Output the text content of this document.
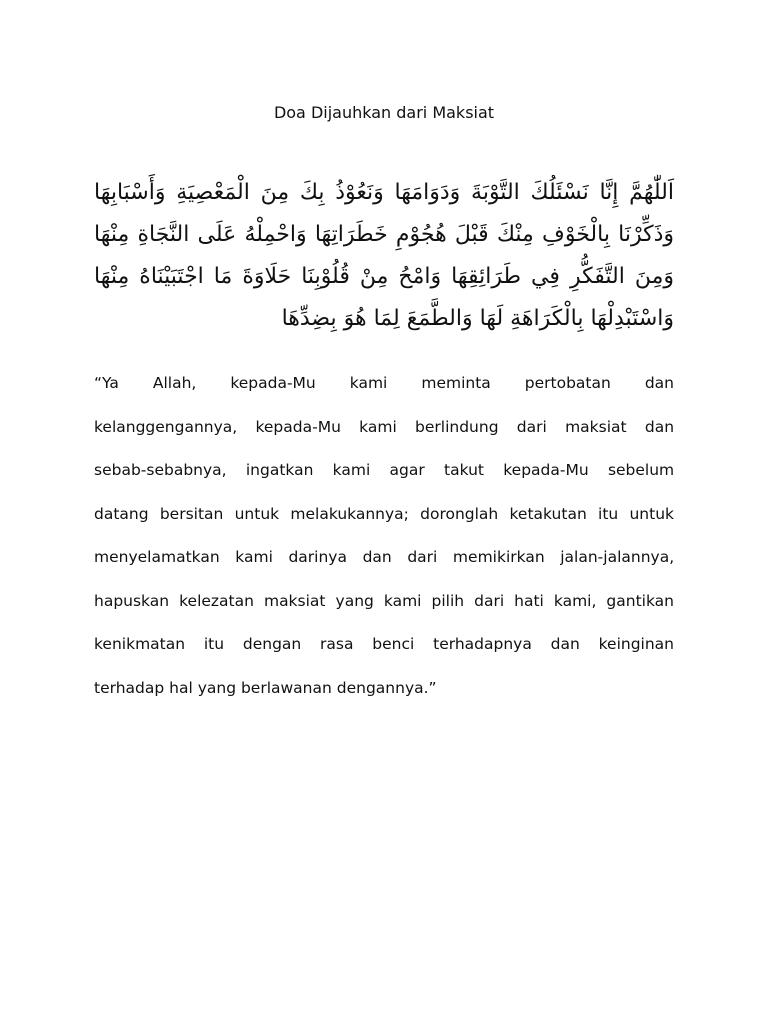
Doa Dijauhkan dari Maksiat
اَللّٰهُمَّ إِنَّا نَسْئَلُكَ التَّوْبَةَ وَدَوَامَهَا وَنَعُوْذُ بِكَ مِنَ الْمَعْصِيَةِ وَأَسْبَابِهَا وَذَكِّرْنَا بِالْخَوْفِ مِنْكَ قَبْلَ هُجُوْمِ خَطَرَاتِهَا وَاحْمِلْهُ عَلَى النَّجَاةِ مِنْهَا وَمِنَ التَّفَكُّرِ فِي طَرَائِقِهَا وَامْحُ مِنْ قُلُوْبِنَا حَلَاوَةَ مَا اجْتَبَيْنَاهُ مِنْهَا وَاسْتَبْدِلْهَا بِالْكَرَاهَةِ لَهَا وَالطَّمَعَ لِمَا هُوَ بِضِدِّهَا
“Ya Allah, kepada-Mu kami meminta pertobatan dan
kelanggengannya, kepada-Mu kami berlindung dari maksiat dan
sebab-sebabnya, ingatkan kami agar takut kepada-Mu sebelum
datang bersitan untuk melakukannya; doronglah ketakutan itu untuk
menyelamatkan kami darinya dan dari memikirkan jalan-jalannya,
hapuskan kelezatan maksiat yang kami pilih dari hati kami, gantikan
kenikmatan itu dengan rasa benci terhadapnya dan keinginan
terhadap hal yang berlawanan dengannya.”
